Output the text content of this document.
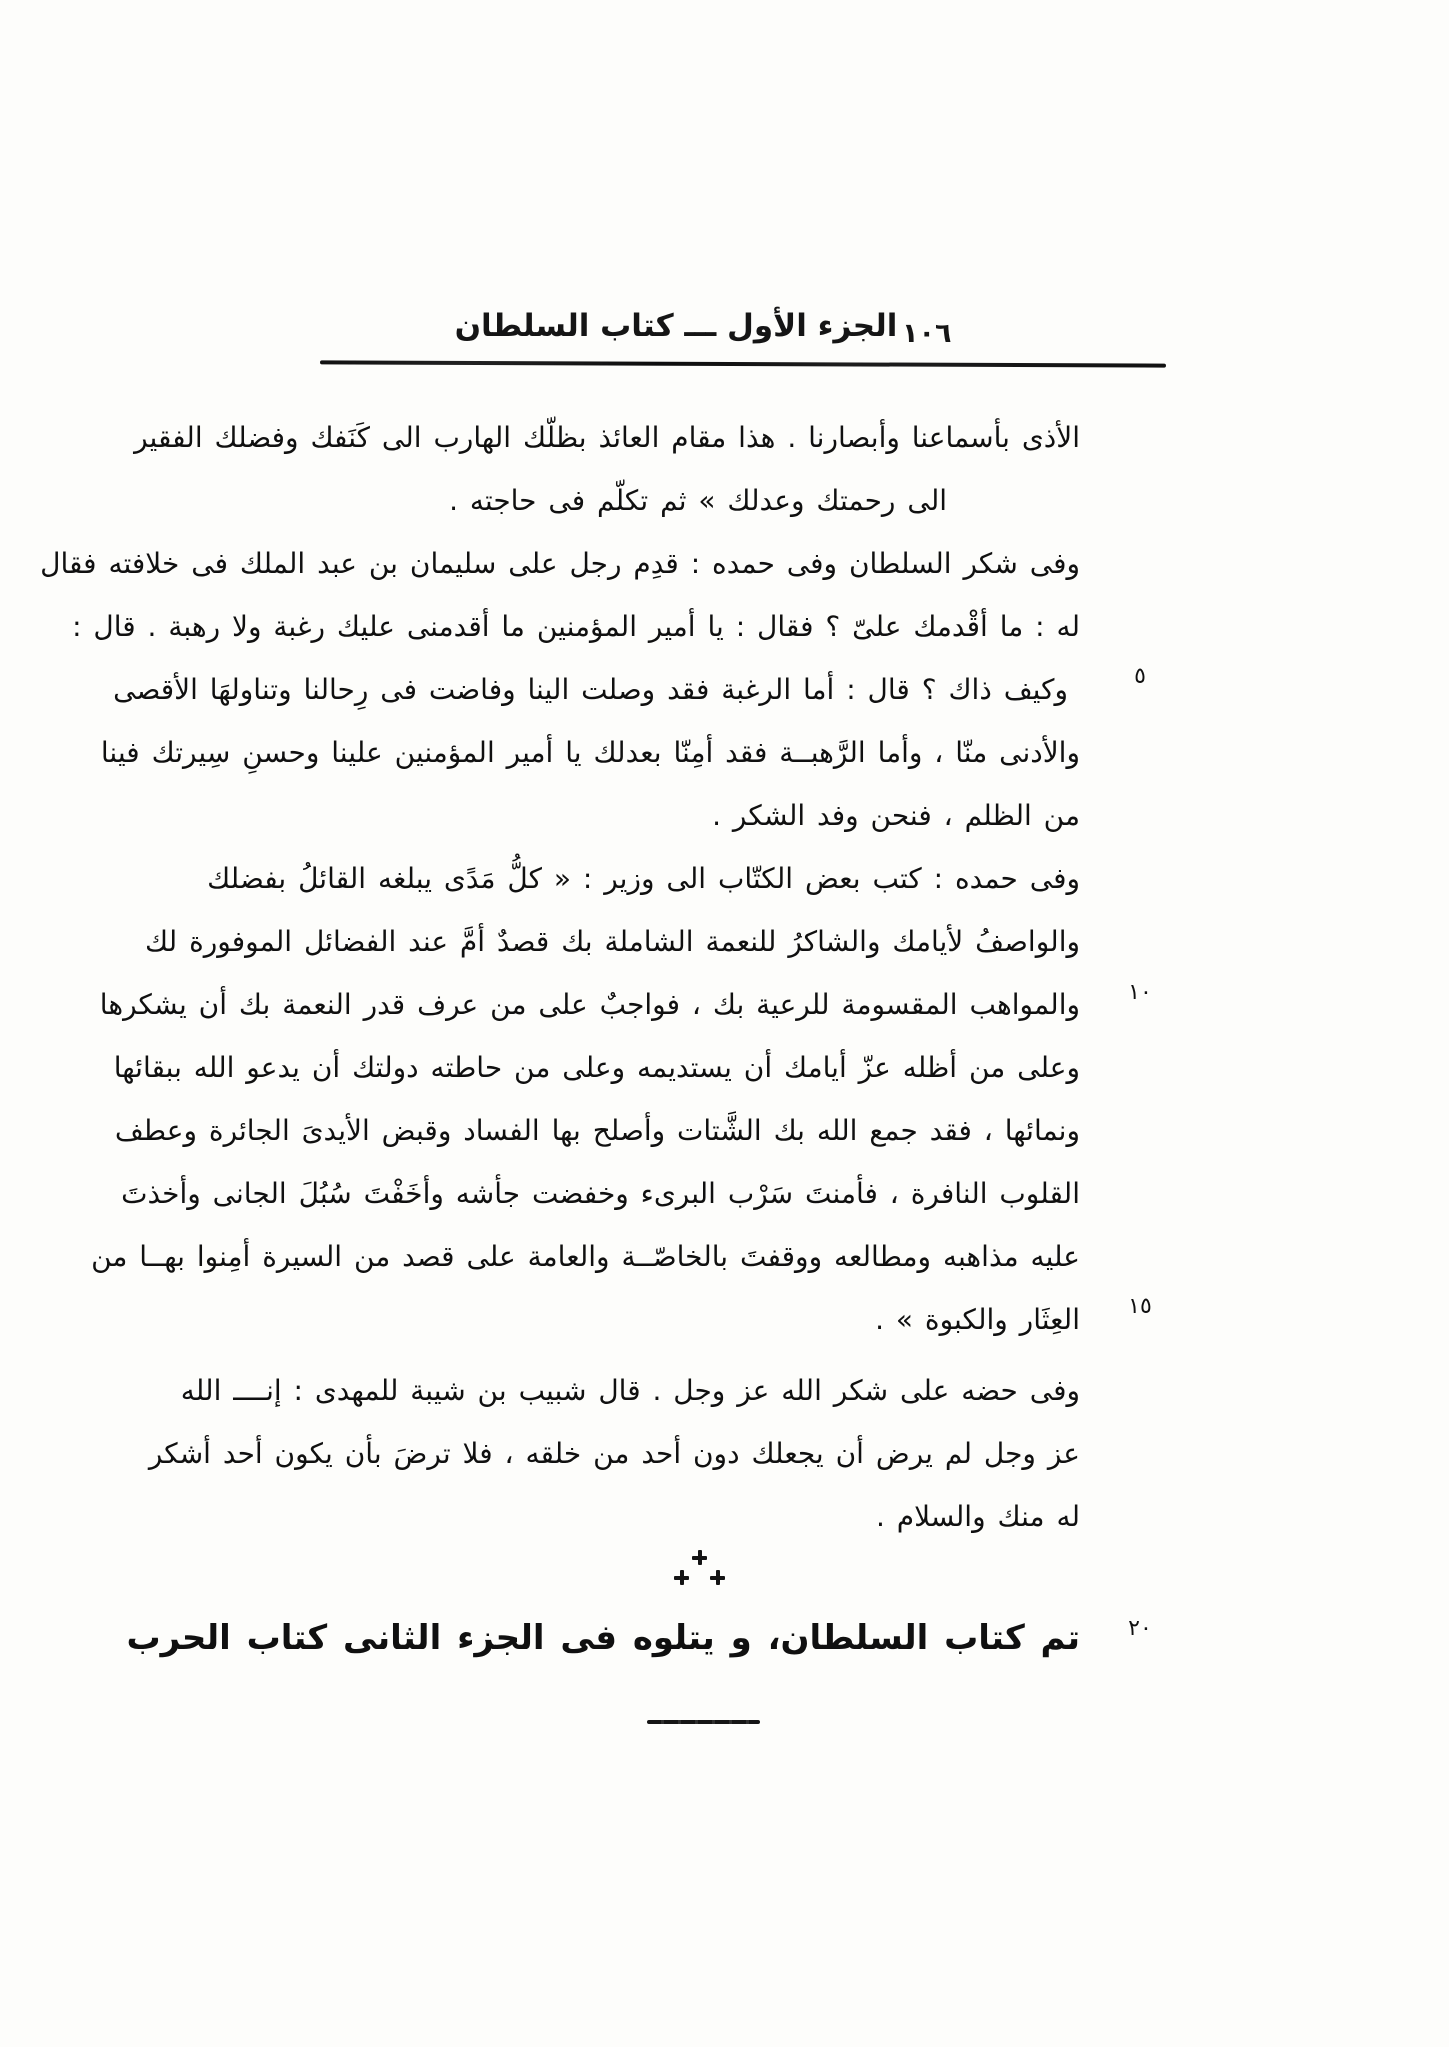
الجزء الأول ـــ كتاب السلطان ١٠٦
الأذى بأسماعنا وأبصارنا . هذا مقام العائذ بظلّك الهارب الى كَنَفك وفضلك الفقير
الى رحمتك وعدلك » ثم تكلّم فى حاجته .
وفى شكر السلطان وفى حمده : قدِم رجل على سليمان بن عبد الملك فى خلافته فقال
له : ما أقْدمك علىّ ؟ فقال : يا أمير المؤمنين ما أقدمنى عليك رغبة ولا رهبة . قال :
وكيف ذاك ؟ قال : أما الرغبة فقد وصلت الينا وفاضت فى رِحالنا وتناولهَا الأقصى
والأدنى منّا ، وأما الرَّهبــة فقد أمِنّا بعدلك يا أمير المؤمنين علينا وحسنِ سِيرتك فينا
من الظلم ، فنحن وفد الشكر .
وفى حمده : كتب بعض الكتّاب الى وزير : « كلُّ مَدًى يبلغه القائلُ بفضلك
والواصفُ لأيامك والشاكرُ للنعمة الشاملة بك قصدٌ أمَّ عند الفضائل الموفورة لك
والمواهب المقسومة للرعية بك ، فواجبٌ على من عرف قدر النعمة بك أن يشكرها
وعلى من أظله عزّ أيامك أن يستديمه وعلى من حاطته دولتك أن يدعو الله ببقائها
ونمائها ، فقد جمع الله بك الشَّتات وأصلح بها الفساد وقبض الأيدىَ الجائرة وعطف
القلوب النافرة ، فأمنتَ سَرْب البرىء وخفضت جأشه وأخَفْتَ سُبُلَ الجانى وأخذتَ
عليه مذاهبه ومطالعه ووقفتَ بالخاصّــة والعامة على قصد من السيرة أمِنوا بهــا من
العِثَار والكبوة » .
وفى حضه على شكر الله عز وجل . قال شبيب بن شيبة للمهدى : إنــــ الله
عز وجل لم يرض أن يجعلك دون أحد من خلقه ، فلا ترضَ بأن يكون أحد أشكر
له منك والسلام .
٥
١٠
١٥
٢٠
تم كتاب السلطان، و يتلوه فى الجزء الثانى كتاب الحرب
